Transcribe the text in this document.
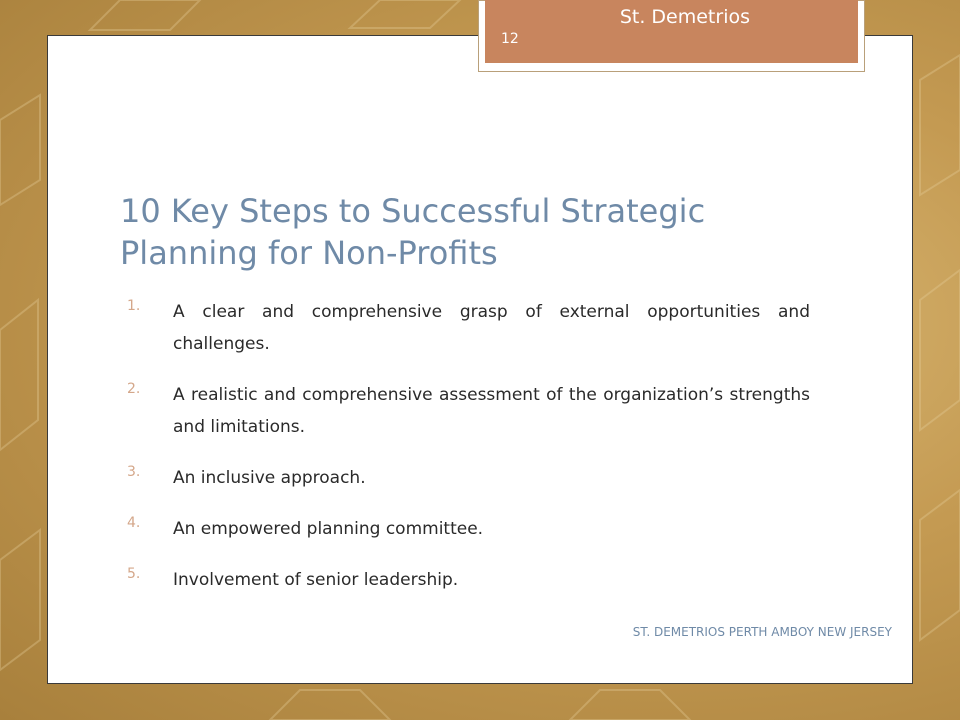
St. Demetrios
12
10 Key Steps to Successful Strategic Planning for Non-Profits
1. A clear and comprehensive grasp of external opportunities and challenges.
2. A realistic and comprehensive assessment of the organization’s strengths and limitations.
3. An inclusive approach.
4. An empowered planning committee.
5. Involvement of senior leadership.
ST. DEMETRIOS PERTH AMBOY NEW JERSEY
